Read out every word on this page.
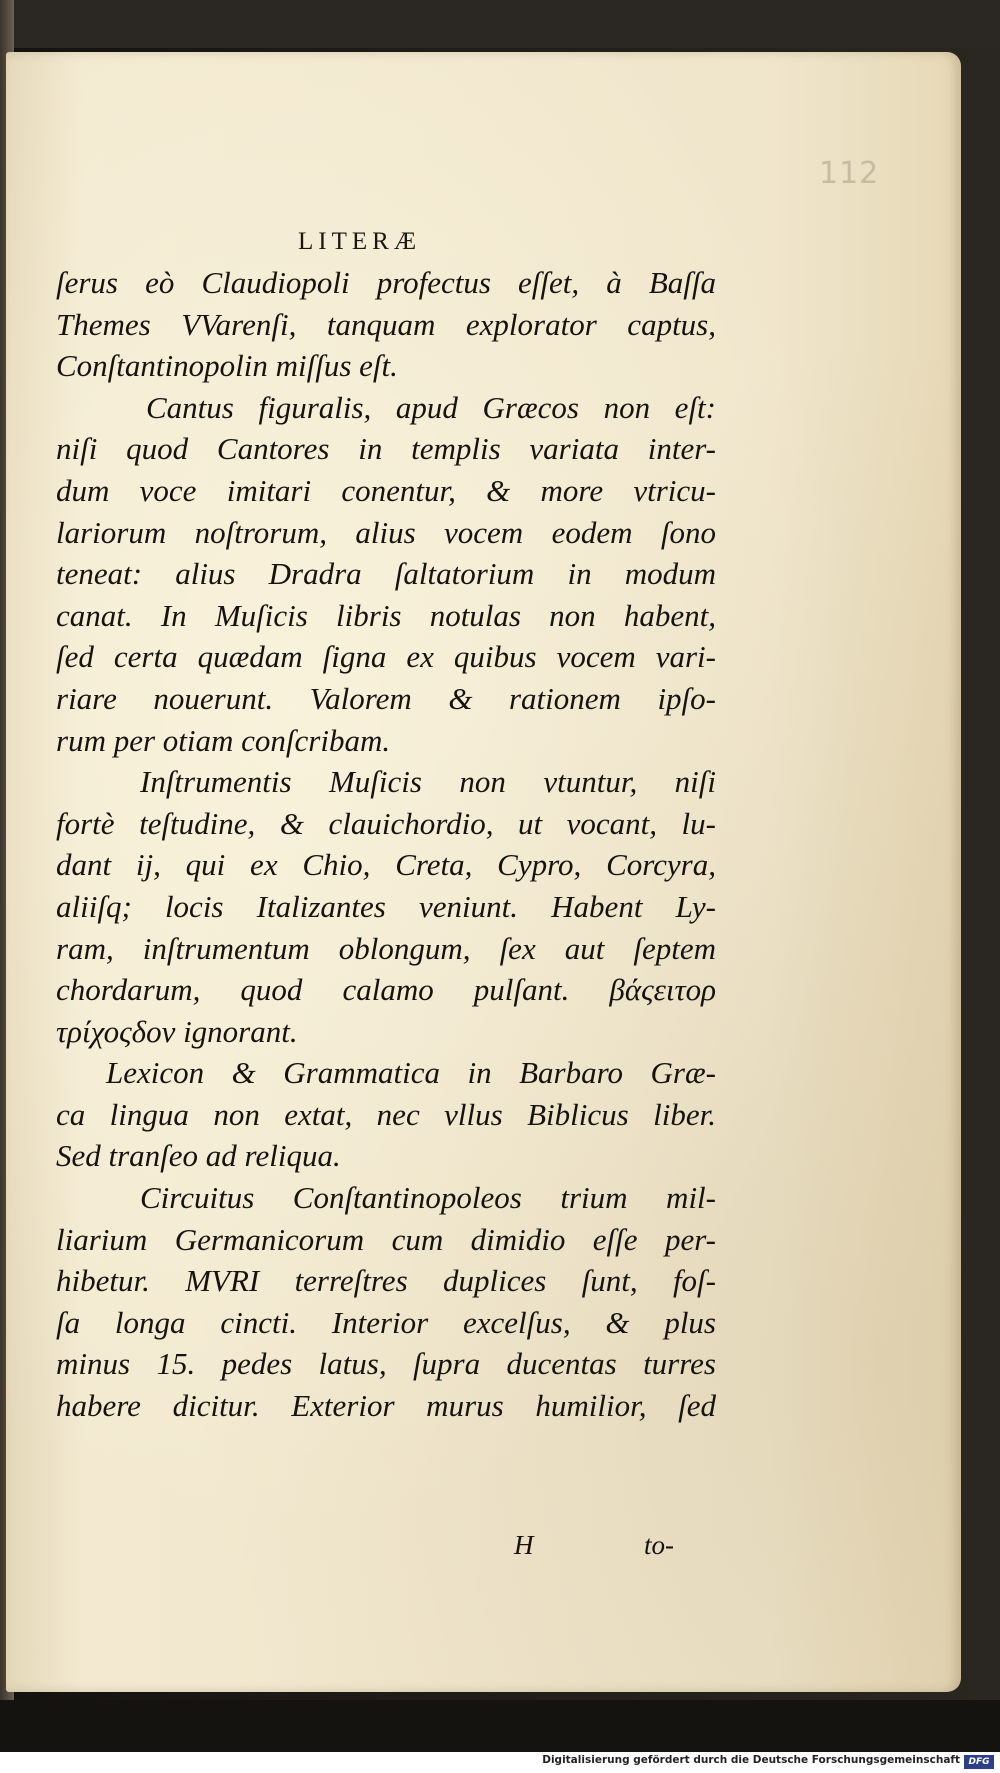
112
LITERÆ
ſerus eò Claudiopoli profectus eſſet, à Baſſa
Themes VVarenſi, tanquam explorator captus,
Conſtantinopolin miſſus eſt.
Cantus figuralis, apud Græcos non eſt:
niſi quod Cantores in templis variata inter-
dum voce imitari conentur, & more vtricu-
lariorum noſtrorum, alius vocem eodem ſono
teneat: alius Dradra ſaltatorium in modum
canat. In Muſicis libris notulas non habent,
ſed certa quædam ſigna ex quibus vocem vari-
riare nouerunt. Valorem & rationem ipſo-
rum per otiam conſcribam.
Inſtrumentis Muſicis non vtuntur, niſi
fortè teſtudine, & clauichordio, ut vocant, lu-
dant ij, qui ex Chio, Creta, Cypro, Corcyra,
aliiſq; locis Italizantes veniunt. Habent Ly-
ram, inſtrumentum oblongum, ſex aut ſeptem
chordarum, quod calamo pulſant. βάςειτορ
τρίχοςδον ignorant.
Lexicon & Grammatica in Barbaro Græ-
ca lingua non extat, nec vllus Biblicus liber.
Sed tranſeo ad reliqua.
Circuitus Conſtantinopoleos trium mil-
liarium Germanicorum cum dimidio eſſe per-
hibetur. MVRI terreſtres duplices ſunt, foſ-
ſa longa cincti. Interior excelſus, & plus
minus 15. pedes latus, ſupra ducentas turres
habere dicitur. Exterior murus humilior, ſed
H	to-
Digitalisierung gefördert durch die Deutsche Forschungsgemeinschaft DFG
